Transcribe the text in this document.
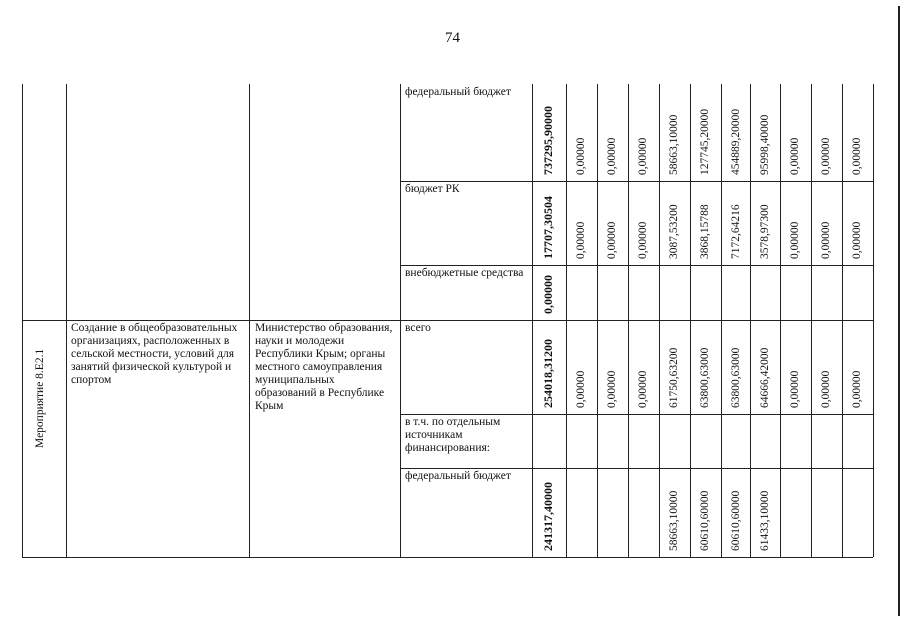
74
Мероприятие 8.Е2.1
Создание в общеобразовательных организациях, расположенных в сельской местности, условий для занятий физической культурой и спортом
Министерство образования, науки и молодежи Республики Крым; органы местного самоуправления муниципальных образований в Республике Крым
федеральный бюджет
737295,90000 0,00000 0,00000 0,00000 58663,10000 127745,20000 454889,20000 95998,40000 0,00000 0,00000 0,00000
бюджет РК
17707,30504 0,00000 0,00000 0,00000 3087,53200 3868,15788 7172,64216 3578,97300 0,00000 0,00000 0,00000
внебюджетные средства
0,00000
всего
254018,31200 0,00000 0,00000 0,00000 61750,63200 63800,63000 63800,63000 64666,42000 0,00000 0,00000 0,00000
в т.ч. по отдельным источникам финансирования:
федеральный бюджет
241317,40000	58663,10000 60610,60000 60610,60000 61433,10000
